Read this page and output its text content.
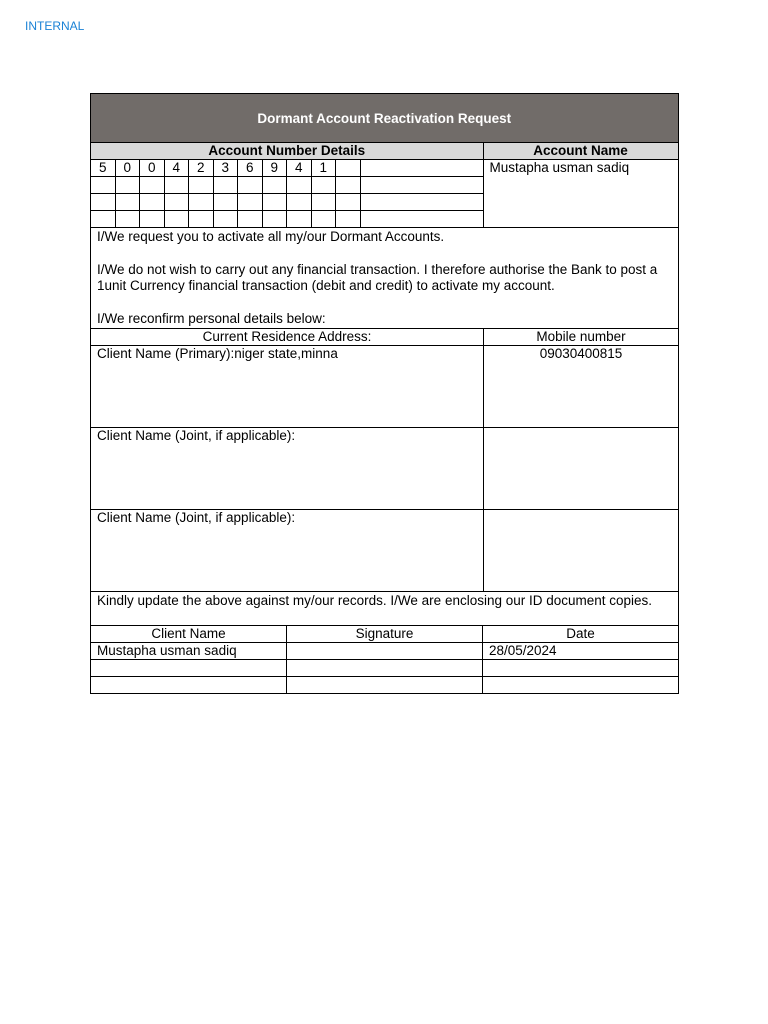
INTERNAL
Dormant Account Reactivation Request												
Account Number Details												Account Name
5	0	0	4	2	3	6	9	4	1			Mustapha usman sadiq

I/We request you to activate all my/our Dormant Accounts.

I/We do not wish to carry out any financial transaction. I therefore authorise the Bank to post a 1unit Currency financial transaction (debit and credit) to activate my account.

I/We reconfirm personal details below:	

Current Residence Address:	Mobile number
Client Name (Primary):niger state,minna	09030400815
Client Name (Joint, if applicable):	
Client Name (Joint, if applicable):	
Kindly update the above against my/our records. I/We are enclosing our ID document copies.	
Client Name	Signature	Date
Mustapha usman sadiq		28/05/2024
